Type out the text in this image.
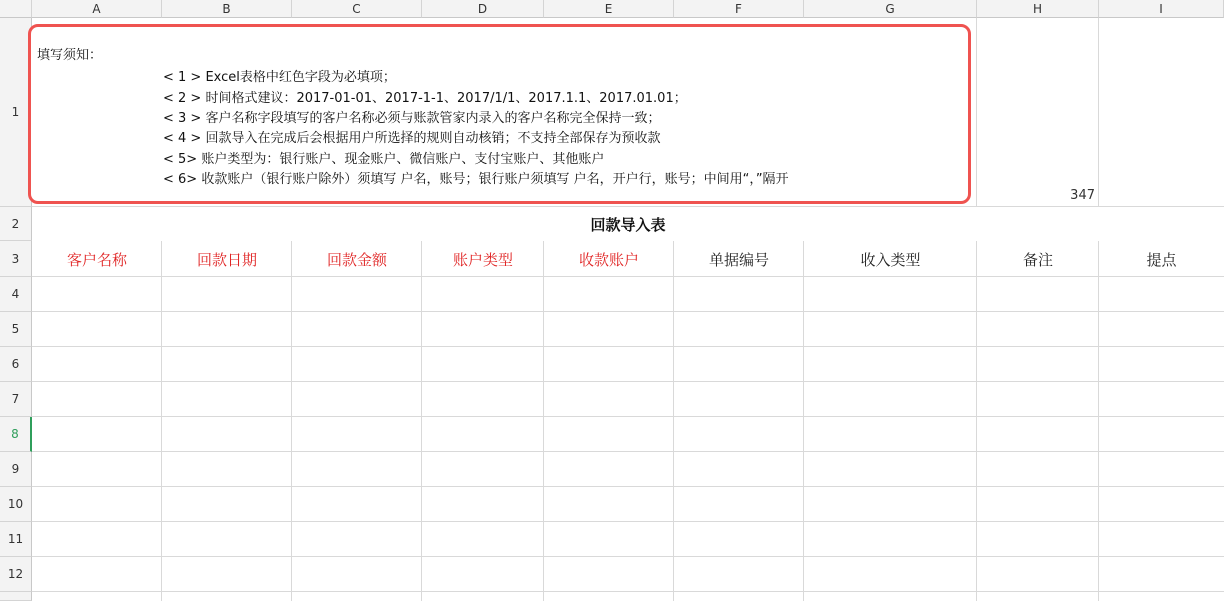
A	B	C	D	E	F	G	H	I
1
2
3
4
5
6
7
8
9
10
11
12
填写须知：
< 1 > Excel表格中红色字段为必填项；
< 2 > 时间格式建议：2017-01-01、2017-1-1、2017/1/1、2017.1.1、2017.01.01；
< 3 > 客户名称字段填写的客户名称必须与账款管家内录入的客户名称完全保持一致；
< 4 > 回款导入在完成后会根据用户所选择的规则自动核销；不支持全部保存为预收款
< 5> 账户类型为：银行账户、现金账户、微信账户、支付宝账户、其他账户
< 6> 收款账户（银行账户除外）须填写 户名，账号；银行账户须填写 户名，开户行，账号；中间用“，”隔开
347
回款导入表
客户名称	回款日期	回款金额	账户类型	收款账户	单据编号	收入类型	备注	提点
